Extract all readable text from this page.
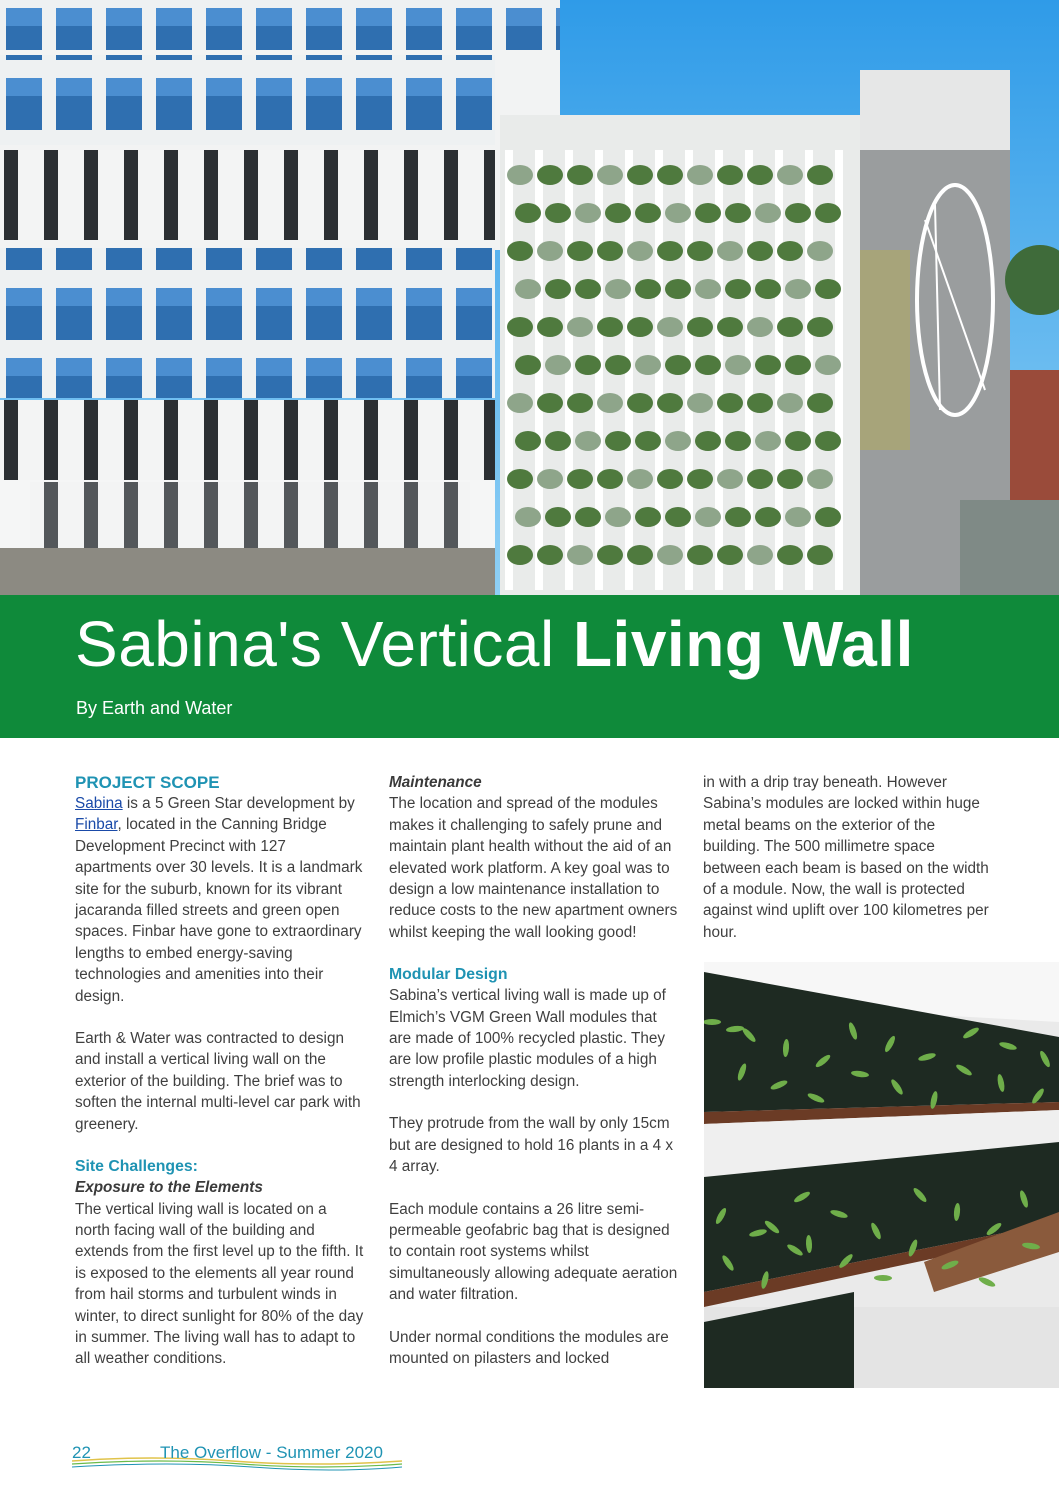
Sabina's Vertical Living Wall
By Earth and Water

PROJECT SCOPE

Sabina is a 5 Green Star development by Finbar, located in the Canning Bridge Development Precinct with 127 apartments over 30 levels. It is a landmark site for the suburb, known for its vibrant jacaranda filled streets and green open spaces. Finbar have gone to extraordinary lengths to embed energy-saving technologies and amenities into their design.

Earth & Water was contracted to design and install a vertical living wall on the exterior of the building. The brief was to soften the internal multi-level car park with greenery.

Site Challenges:

Exposure to the Elements

The vertical living wall is located on a north facing wall of the building and extends from the first level up to the fifth. It is exposed to the elements all year round from hail storms and turbulent winds in winter, to direct sunlight for 80% of the day in summer. The living wall has to adapt to all weather conditions.

Maintenance

The location and spread of the modules makes it challenging to safely prune and maintain plant health without the aid of an elevated work platform. A key goal was to design a low maintenance installation to reduce costs to the new apartment owners whilst keeping the wall looking good!

Modular Design

Sabina’s vertical living wall is made up of Elmich’s VGM Green Wall modules that are made of 100% recycled plastic. They are low profile plastic modules of a high strength interlocking design.

They protrude from the wall by only 15cm but are designed to hold 16 plants in a 4 x 4 array.

Each module contains a 26 litre semi-permeable geofabric bag that is designed to contain root systems whilst simultaneously allowing adequate aeration and water filtration.

Under normal conditions the modules are mounted on pilasters and locked

in with a drip tray beneath. However Sabina’s modules are locked within huge metal beams on the exterior of the building. The 500 millimetre space between each beam is based on the width of a module. Now, the wall is protected against wind uplift over 100 kilometres per hour.

22	The Overflow - Summer 2020
